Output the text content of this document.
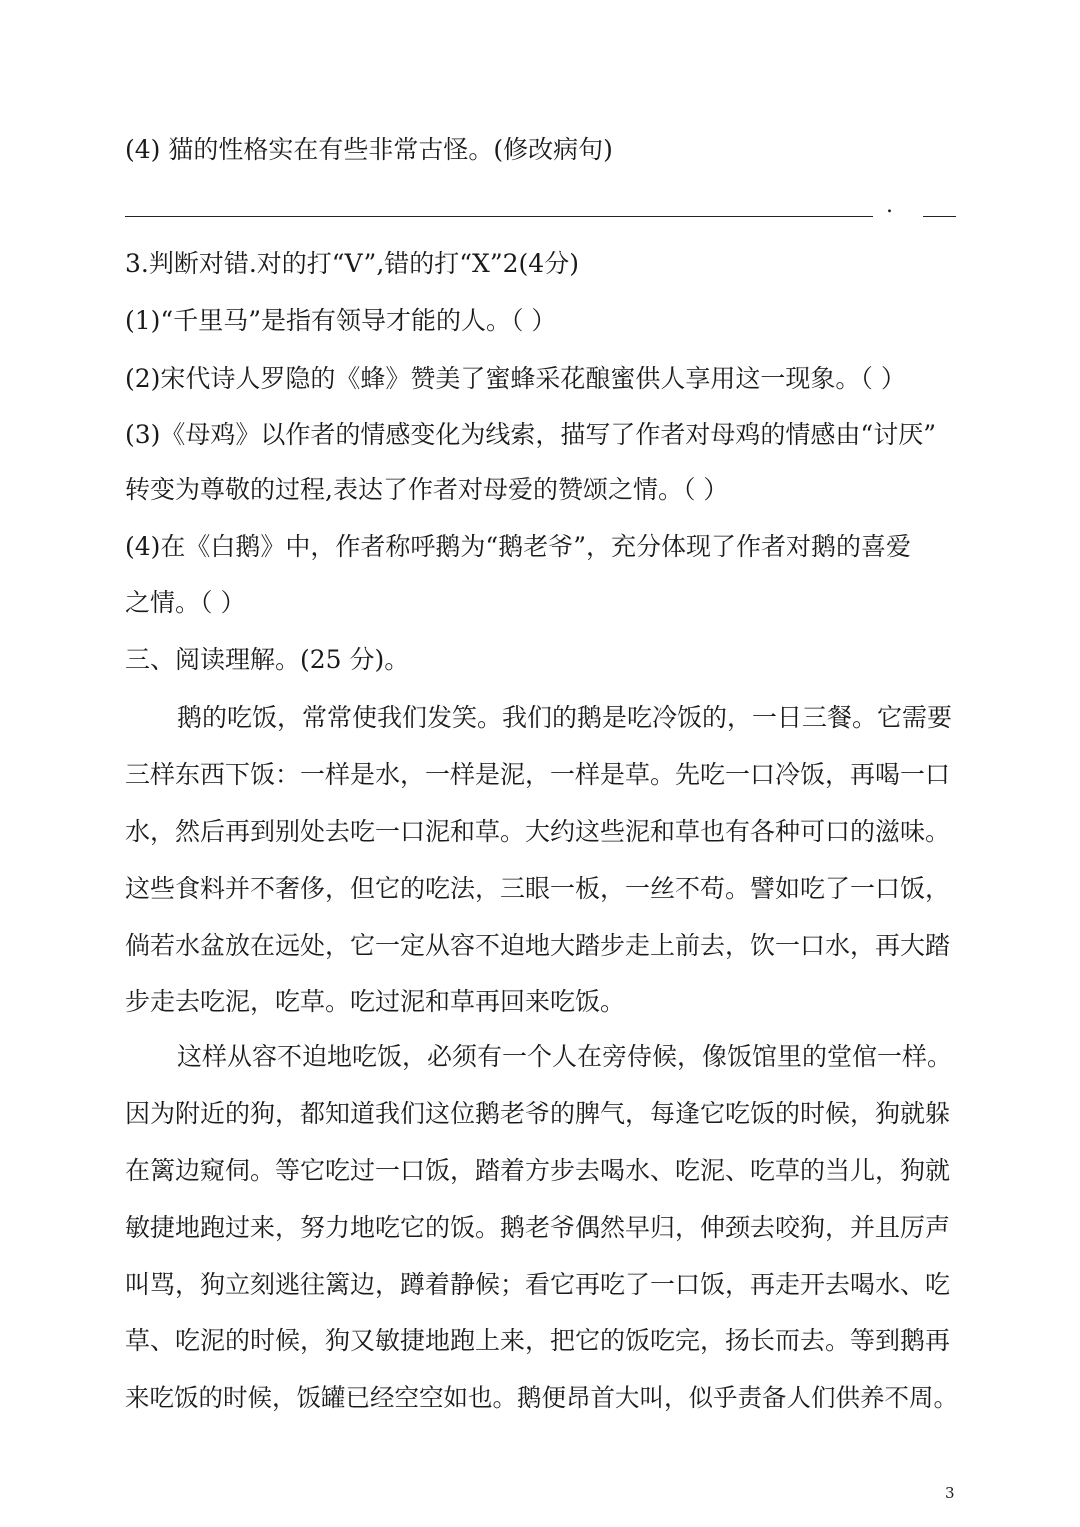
(4) 猫的性格实在有些非常古怪。(修改病句)
.
3.判断对错.对的打“V”,错的打“X”2(4分)
(1)“千里马”是指有领导才能的人。（ ）
(2)宋代诗人罗隐的《蜂》赞美了蜜蜂采花酿蜜供人享用这一现象。（ ）
(3)《母鸡》以作者的情感变化为线索，描写了作者对母鸡的情感由“讨厌”
转变为尊敬的过程,表达了作者对母爱的赞颂之情。（ ）
(4)在《白鹅》中，作者称呼鹅为“鹅老爷”，充分体现了作者对鹅的喜爱
之情。（ ）
三、阅读理解。(25 分)。
鹅的吃饭，常常使我们发笑。我们的鹅是吃冷饭的，一日三餐。它需要
三样东西下饭：一样是水，一样是泥，一样是草。先吃一口冷饭，再喝一口
水，然后再到别处去吃一口泥和草。大约这些泥和草也有各种可口的滋味。
这些食料并不奢侈，但它的吃法，三眼一板，一丝不苟。譬如吃了一口饭，
倘若水盆放在远处，它一定从容不迫地大踏步走上前去，饮一口水，再大踏
步走去吃泥，吃草。吃过泥和草再回来吃饭。
这样从容不迫地吃饭，必须有一个人在旁侍候，像饭馆里的堂倌一样。
因为附近的狗，都知道我们这位鹅老爷的脾气，每逢它吃饭的时候，狗就躲
在篱边窥伺。等它吃过一口饭，踏着方步去喝水、吃泥、吃草的当儿，狗就
敏捷地跑过来，努力地吃它的饭。鹅老爷偶然早归，伸颈去咬狗，并且厉声
叫骂，狗立刻逃往篱边，蹲着静候；看它再吃了一口饭，再走开去喝水、吃
草、吃泥的时候，狗又敏捷地跑上来，把它的饭吃完，扬长而去。等到鹅再
来吃饭的时候，饭罐已经空空如也。鹅便昂首大叫，似乎责备人们供养不周。
3
